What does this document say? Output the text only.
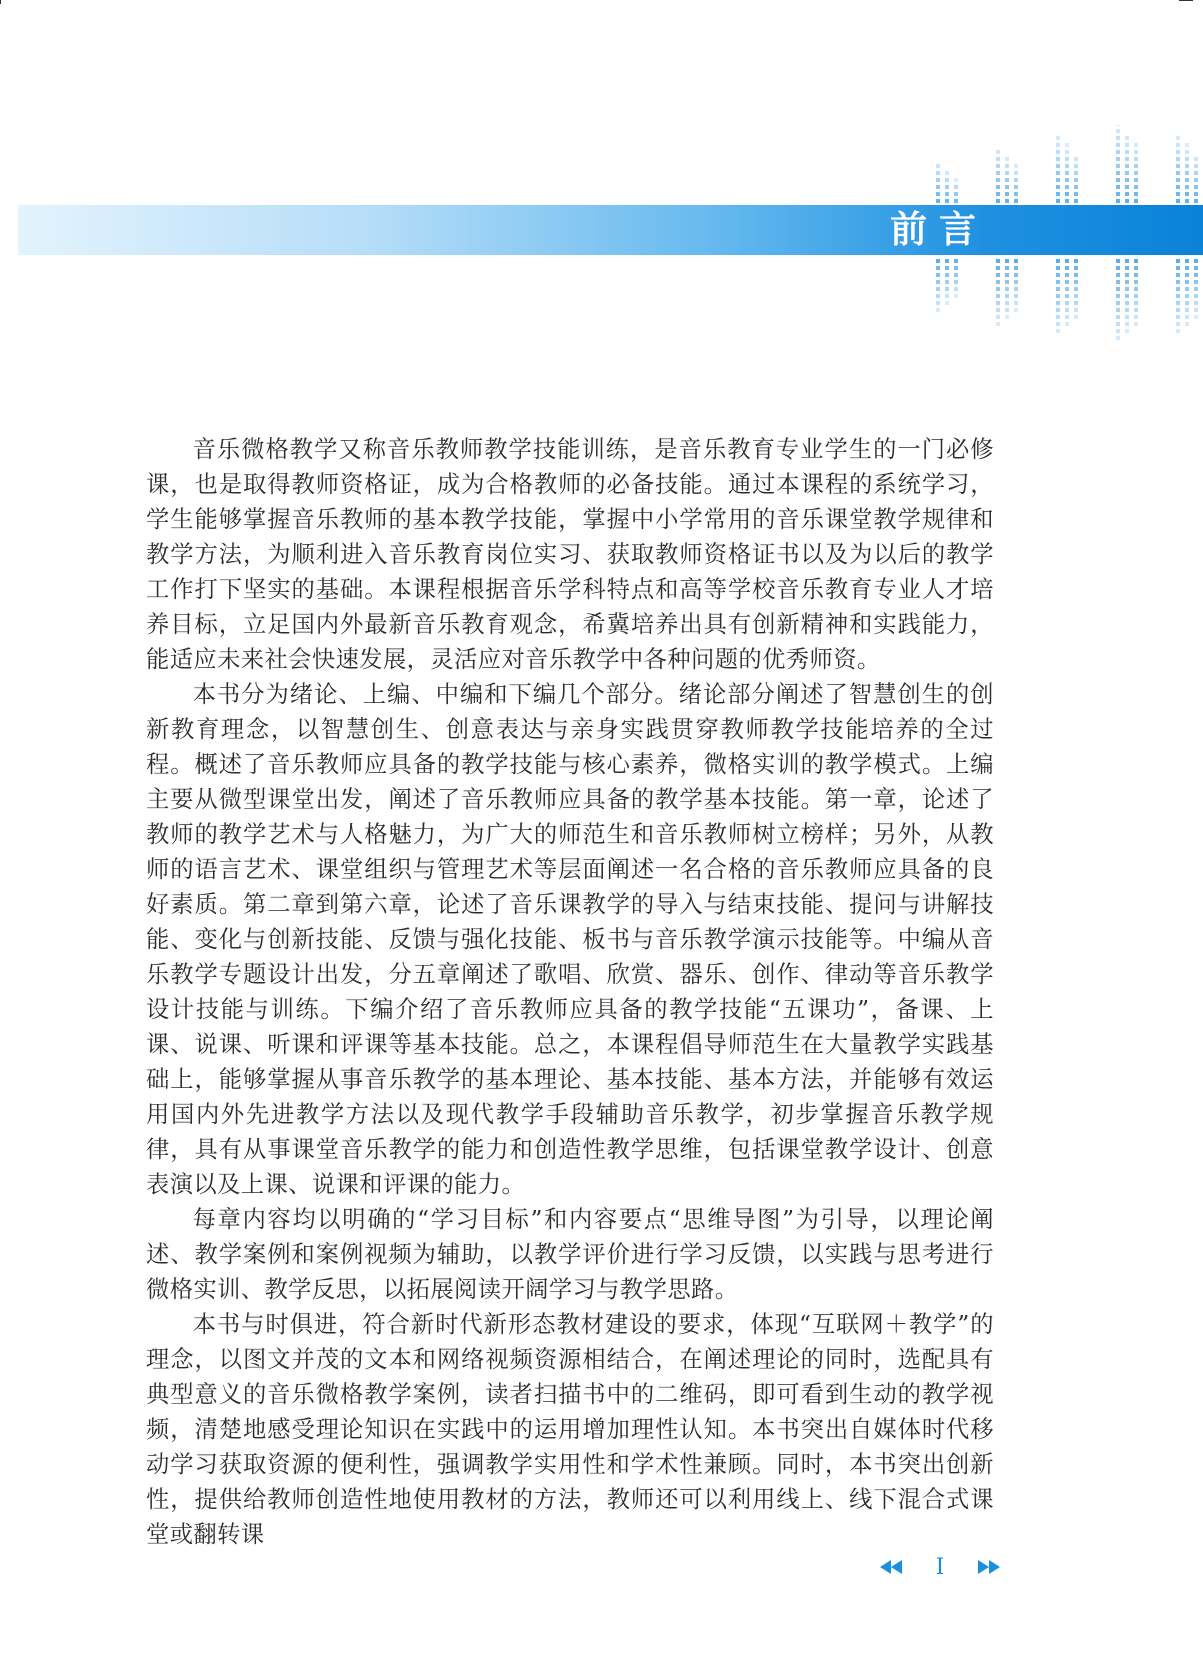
前言

音乐微格教学又称音乐教师教学技能训练，是音乐教育专业学生的一门必修课，也是取得教师资格证，成为合格教师的必备技能。通过本课程的系统学习，学生能够掌握音乐教师的基本教学技能，掌握中小学常用的音乐课堂教学规律和教学方法，为顺利进入音乐教育岗位实习、获取教师资格证书以及为以后的教学工作打下坚实的基础。本课程根据音乐学科特点和高等学校音乐教育专业人才培养目标，立足国内外最新音乐教育观念，希冀培养出具有创新精神和实践能力，能适应未来社会快速发展，灵活应对音乐教学中各种问题的优秀师资。

本书分为绪论、上编、中编和下编几个部分。绪论部分阐述了智慧创生的创新教育理念，以智慧创生、创意表达与亲身实践贯穿教师教学技能培养的全过程。概述了音乐教师应具备的教学技能与核心素养，微格实训的教学模式。上编主要从微型课堂出发，阐述了音乐教师应具备的教学基本技能。第一章，论述了教师的教学艺术与人格魅力，为广大的师范生和音乐教师树立榜样；另外，从教师的语言艺术、课堂组织与管理艺术等层面阐述一名合格的音乐教师应具备的良好素质。第二章到第六章，论述了音乐课教学的导入与结束技能、提问与讲解技能、变化与创新技能、反馈与强化技能、板书与音乐教学演示技能等。中编从音乐教学专题设计出发，分五章阐述了歌唱、欣赏、器乐、创作、律动等音乐教学设计技能与训练。下编介绍了音乐教师应具备的教学技能“五课功”，备课、上课、说课、听课和评课等基本技能。总之，本课程倡导师范生在大量教学实践基础上，能够掌握从事音乐教学的基本理论、基本技能、基本方法，并能够有效运用国内外先进教学方法以及现代教学手段辅助音乐教学，初步掌握音乐教学规律，具有从事课堂音乐教学的能力和创造性教学思维，包括课堂教学设计、创意表演以及上课、说课和评课的能力。

每章内容均以明确的“学习目标”和内容要点“思维导图”为引导，以理论阐述、教学案例和案例视频为辅助，以教学评价进行学习反馈，以实践与思考进行微格实训、教学反思，以拓展阅读开阔学习与教学思路。

本书与时俱进，符合新时代新形态教材建设的要求，体现“互联网＋教学”的理念，以图文并茂的文本和网络视频资源相结合，在阐述理论的同时，选配具有典型意义的音乐微格教学案例，读者扫描书中的二维码，即可看到生动的教学视频，清楚地感受理论知识在实践中的运用增加理性认知。本书突出自媒体时代移动学习获取资源的便利性，强调教学实用性和学术性兼顾。同时，本书突出创新性，提供给教师创造性地使用教材的方法，教师还可以利用线上、线下混合式课堂或翻转课

I
